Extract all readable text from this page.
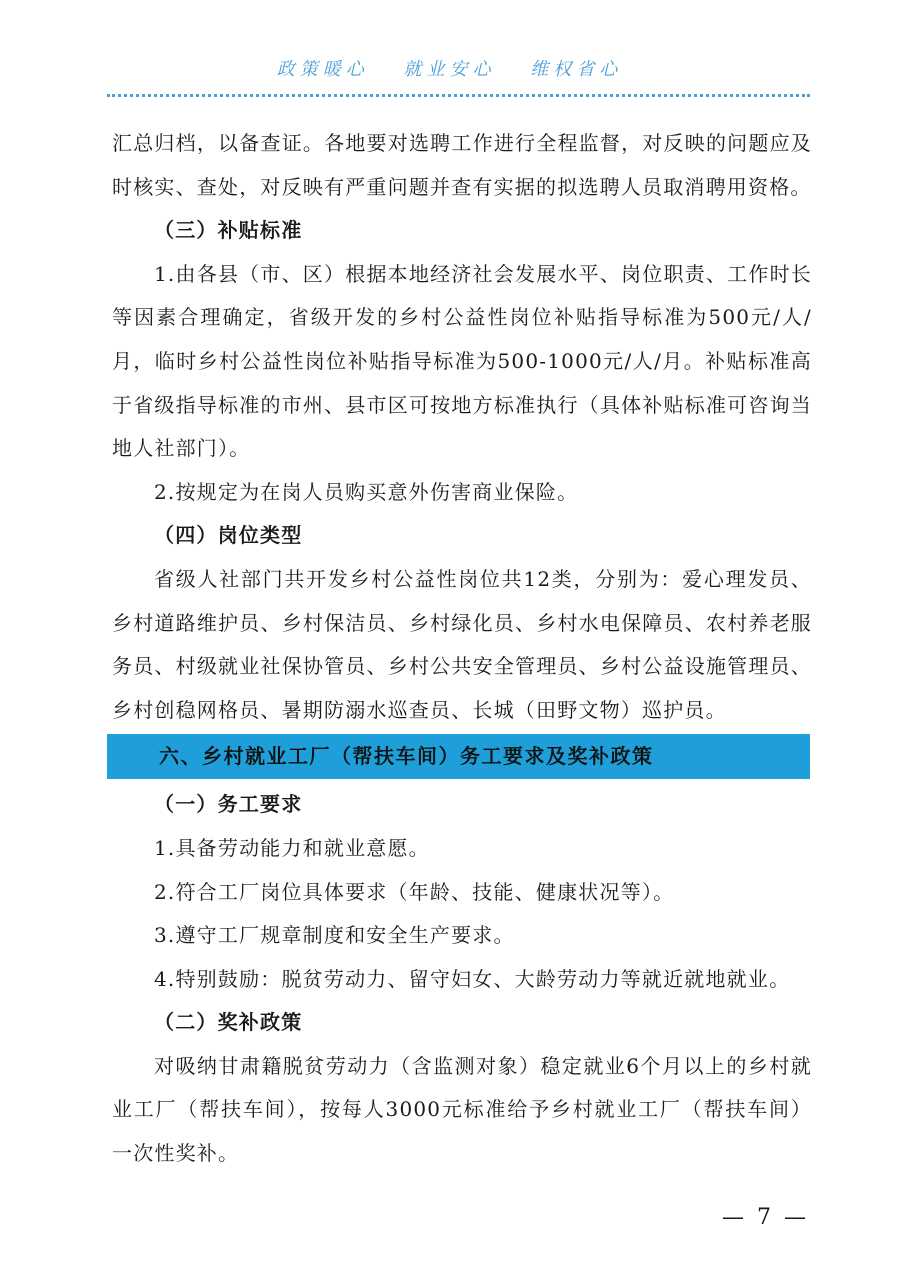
政策暖心 就业安心 维权省心

汇总归档，以备查证。各地要对选聘工作进行全程监督，对反映的问题应及时核实、查处，对反映有严重问题并查有实据的拟选聘人员取消聘用资格。

（三）补贴标准

1.由各县（市、区）根据本地经济社会发展水平、岗位职责、工作时长等因素合理确定，省级开发的乡村公益性岗位补贴指导标准为500元/人/月，临时乡村公益性岗位补贴指导标准为500-1000元/人/月。补贴标准高于省级指导标准的市州、县市区可按地方标准执行（具体补贴标准可咨询当地人社部门）。

2.按规定为在岗人员购买意外伤害商业保险。

（四）岗位类型

省级人社部门共开发乡村公益性岗位共12类，分别为：爱心理发员、乡村道路维护员、乡村保洁员、乡村绿化员、乡村水电保障员、农村养老服务员、村级就业社保协管员、乡村公共安全管理员、乡村公益设施管理员、乡村创稳网格员、暑期防溺水巡查员、长城（田野文物）巡护员。

六、乡村就业工厂（帮扶车间）务工要求及奖补政策

（一）务工要求

1.具备劳动能力和就业意愿。

2.符合工厂岗位具体要求（年龄、技能、健康状况等）。

3.遵守工厂规章制度和安全生产要求。

4.特别鼓励：脱贫劳动力、留守妇女、大龄劳动力等就近就地就业。

（二）奖补政策

对吸纳甘肃籍脱贫劳动力（含监测对象）稳定就业6个月以上的乡村就业工厂（帮扶车间），按每人3000元标准给予乡村就业工厂（帮扶车间）一次性奖补。

— 7 —
